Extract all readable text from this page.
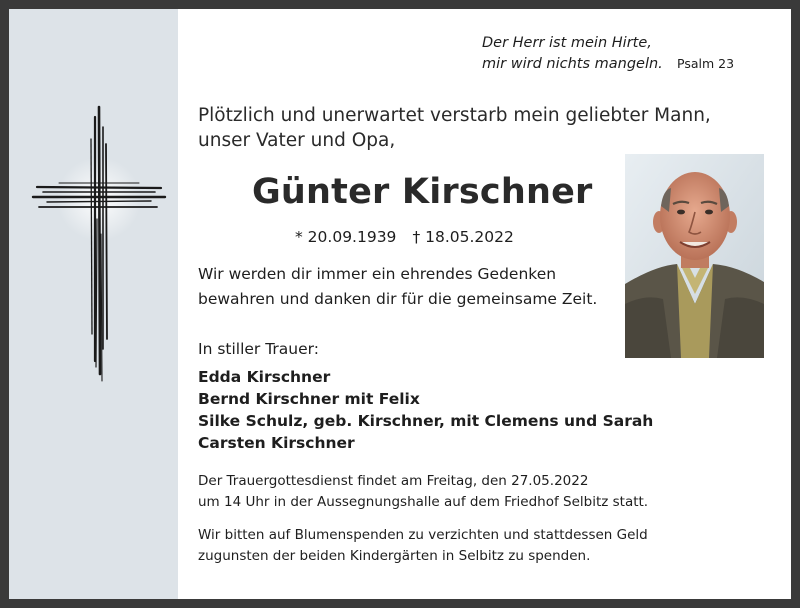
Der Herr ist mein Hirte,
mir wird nichts mangeln. Psalm 23
Plötzlich und unerwartet verstarb mein geliebter Mann,
unser Vater und Opa,
Günter Kirschner
* 20.09.1939 † 18.05.2022
Wir werden dir immer ein ehrendes Gedenken
bewahren und danken dir für die gemeinsame Zeit.
In stiller Trauer:
Edda Kirschner
Bernd Kirschner mit Felix
Silke Schulz, geb. Kirschner, mit Clemens und Sarah
Carsten Kirschner
Der Trauergottesdienst findet am Freitag, den 27.05.2022
um 14 Uhr in der Aussegnungshalle auf dem Friedhof Selbitz statt.
Wir bitten auf Blumenspenden zu verzichten und stattdessen Geld
zugunsten der beiden Kindergärten in Selbitz zu spenden.
